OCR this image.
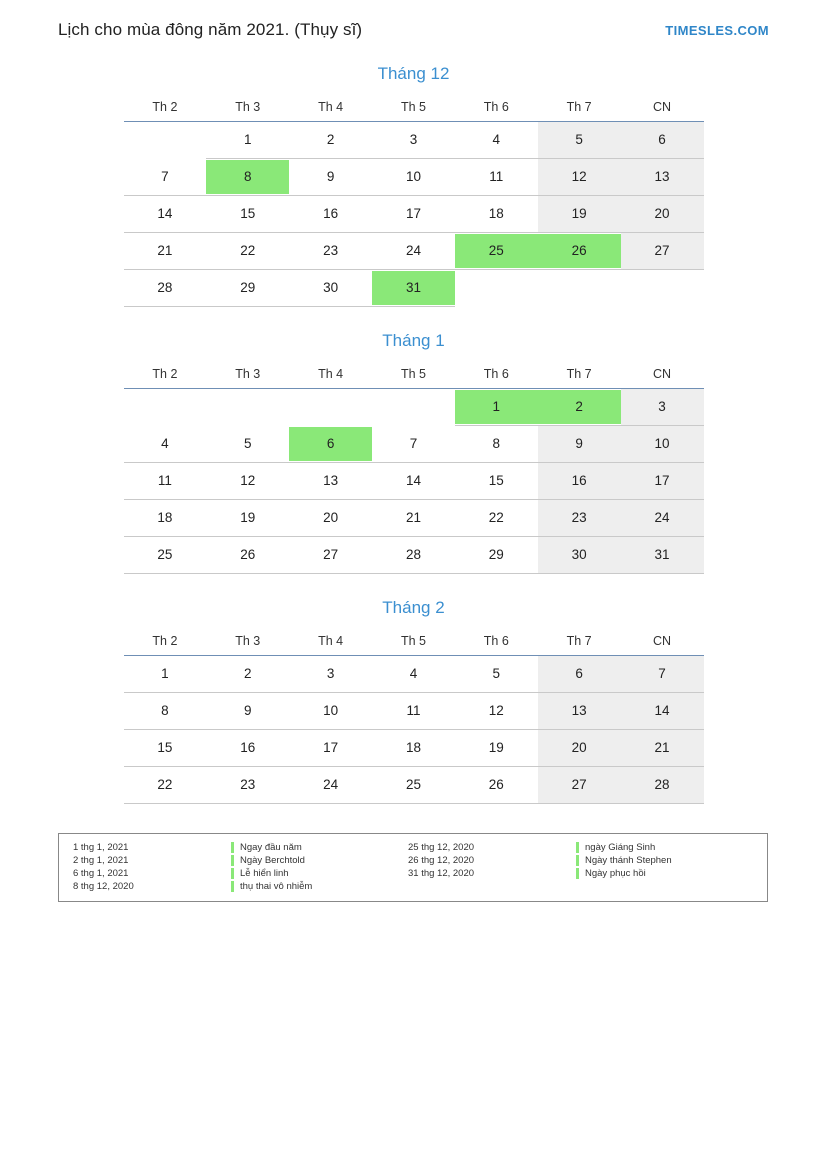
Lịch cho mùa đông năm 2021. (Thụy sĩ)	TIMESLES.COM
Tháng 12
Th 2	Th 3	Th 4	Th 5	Th 6	Th 7	CN

	1	2	3	4	5	6

7	8	9	10	11	12	13

14	15	16	17	18	19	20

21	22	23	24	25	26	27

28	29	30	31			

Tháng 1
Th 2	Th 3	Th 4	Th 5	Th 6	Th 7	CN

				1	2	3

4	5	6	7	8	9	10

11	12	13	14	15	16	17

18	19	20	21	22	23	24

25	26	27	28	29	30	31
Tháng 2
Th 2	Th 3	Th 4	Th 5	Th 6	Th 7	CN

1	2	3	4	5	6	7

8	9	10	11	12	13	14

15	16	17	18	19	20	21

22	23	24	25	26	27	28
1 thg 1, 2021	Ngay đầu năm	25 thg 12, 2020	ngày Giáng Sinh
2 thg 1, 2021	Ngày Berchtold	26 thg 12, 2020	Ngày thánh Stephen
6 thg 1, 2021	Lễ hiển linh	31 thg 12, 2020	Ngày phục hồi
8 thg 12, 2020	thụ thai vô nhiễm
